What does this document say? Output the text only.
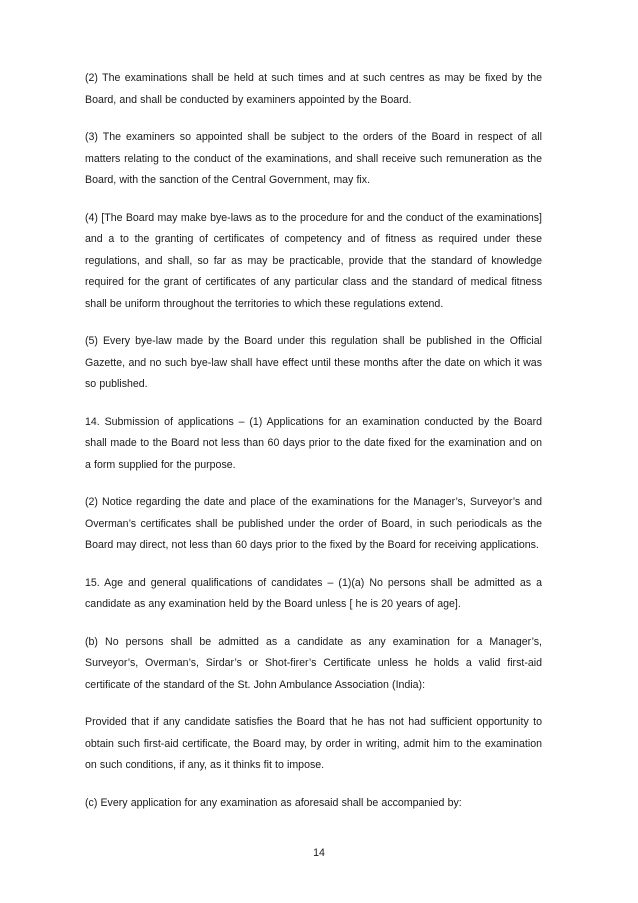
(2) The examinations shall be held at such times and at such centres as may be fixed by the Board, and shall be conducted by examiners appointed by the Board.

(3) The examiners so appointed shall be subject to the orders of the Board in respect of all matters relating to the conduct of the examinations, and shall receive such remuneration as the Board, with the sanction of the Central Government, may fix.

(4) [The Board may make bye-laws as to the procedure for and the conduct of the examinations] and a to the granting of certificates of competency and of fitness as required under these regulations, and shall, so far as may be practicable, provide that the standard of knowledge required for the grant of certificates of any particular class and the standard of medical fitness shall be uniform throughout the territories to which these regulations extend.

(5) Every bye-law made by the Board under this regulation shall be published in the Official Gazette, and no such bye-law shall have effect until these months after the date on which it was so published.

14. Submission of applications – (1) Applications for an examination conducted by the Board shall made to the Board not less than 60 days prior to the date fixed for the examination and on a form supplied for the purpose.

(2) Notice regarding the date and place of the examinations for the Manager’s, Surveyor’s and Overman’s certificates shall be published under the order of Board, in such periodicals as the Board may direct, not less than 60 days prior to the fixed by the Board for receiving applications.

15. Age and general qualifications of candidates – (1)(a) No persons shall be admitted as a candidate as any examination held by the Board unless [ he is 20 years of age].

(b) No persons shall be admitted as a candidate as any examination for a Manager’s, Surveyor’s, Overman’s, Sirdar’s or Shot-firer’s Certificate unless he holds a valid first-aid certificate of the standard of the St. John Ambulance Association (India):

Provided that if any candidate satisfies the Board that he has not had sufficient opportunity to obtain such first-aid certificate, the Board may, by order in writing, admit him to the examination on such conditions, if any, as it thinks fit to impose.

(c) Every application for any examination as aforesaid shall be accompanied by:

14
